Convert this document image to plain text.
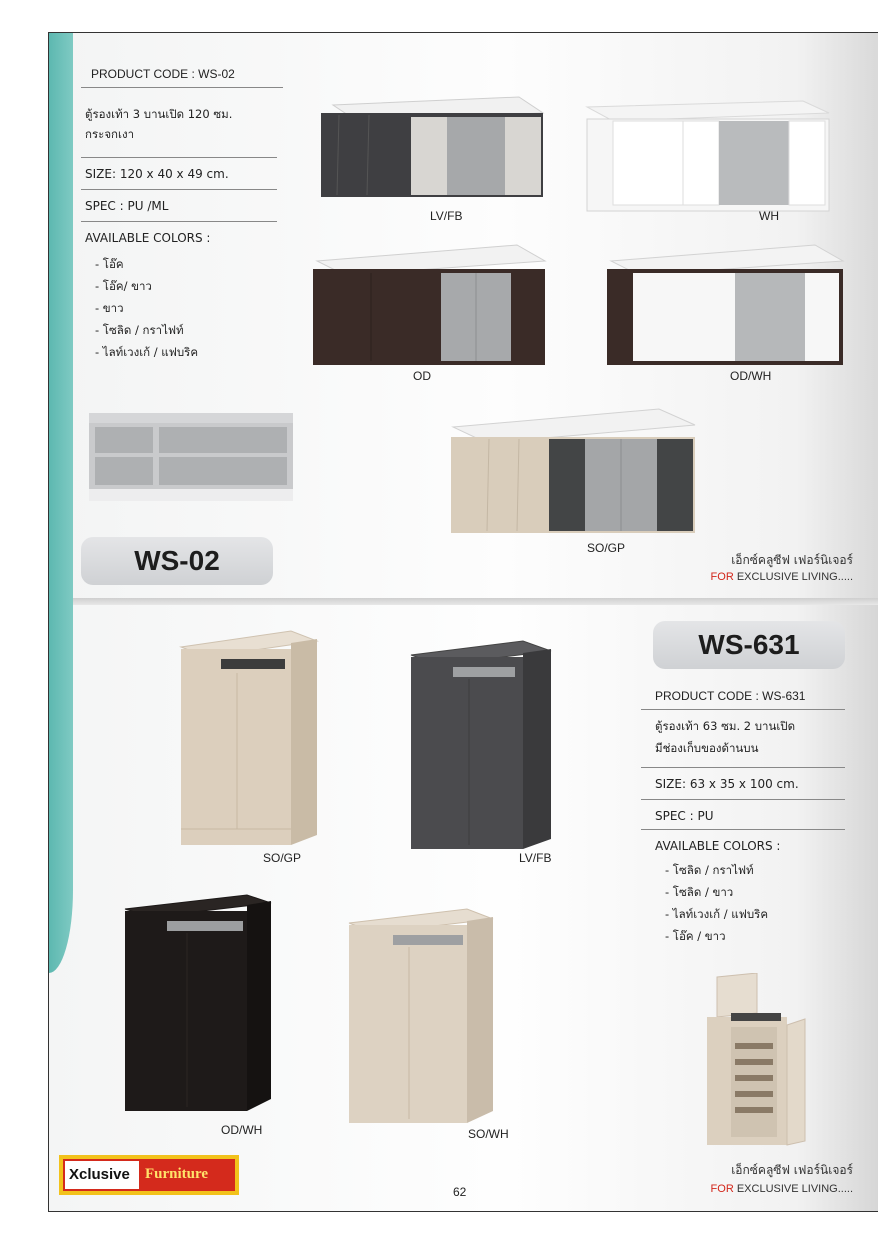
PRODUCT CODE : WS-02
ตู้รองเท้า 3 บานเปิด 120 ซม.
กระจกเงา
SIZE: 120 x 40 x 49 cm.
SPEC : PU /ML
AVAILABLE COLORS :
- โอ๊ค
- โอ๊ค/ ขาว
- ขาว
- โซลิด / กราไฟท์
- ไลท์เวงเก้ / แฟบริค
WS-02
LV/FB	WH
OD	OD/WH
SO/GP
เอ็กซ์คลูซีฟ เฟอร์นิเจอร์
FOR EXCLUSIVE LIVING.....
WS-631
PRODUCT CODE : WS-631
ตู้รองเท้า 63 ซม. 2 บานเปิด
มีช่องเก็บของด้านบน
SIZE: 63 x 35 x 100 cm.
SPEC : PU
AVAILABLE COLORS :
- โซลิด / กราไฟท์
- โซลิด / ขาว
- ไลท์เวงเก้ / แฟบริค
- โอ๊ค / ขาว
SO/GP	LV/FB
OD/WH	SO/WH
Xclusive Furniture
62
เอ็กซ์คลูซีฟ เฟอร์นิเจอร์
FOR EXCLUSIVE LIVING.....
